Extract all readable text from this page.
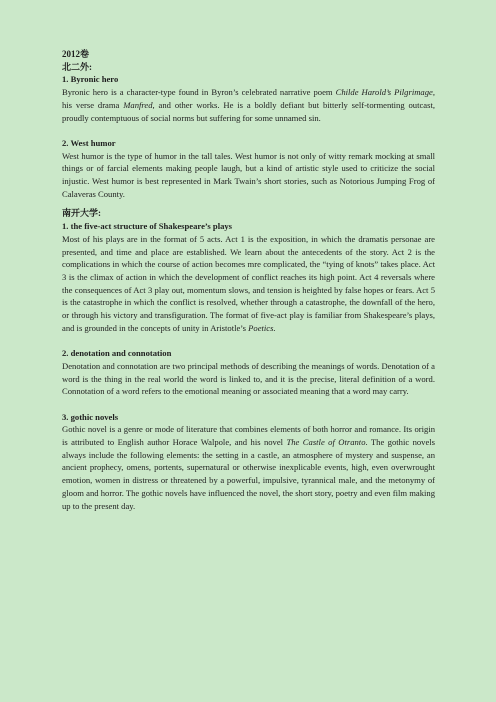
2012卷

北二外:

1. Byronic hero

Byronic hero is a character-type found in Byron’s celebrated narrative poem Childe Harold’s Pilgrimage, his verse drama Manfred, and other works. He is a boldly defiant but bitterly self-tormenting outcast, proudly contemptuous of social norms but suffering for some unnamed sin.

2. West humor

West humor is the type of humor in the tall tales. West humor is not only of witty remark mocking at small things or of farcial elements making people laugh, but a kind of artistic style used to criticize the social injustic. West humor is best represented in Mark Twain’s short stories, such as Notorious Jumping Frog of Calaveras County.

南开大学:

1. the five-act structure of Shakespeare’s plays

Most of his plays are in the format of 5 acts. Act 1 is the exposition, in which the dramatis personae are presented, and time and place are established. We learn about the antecedents of the story. Act 2 is the complications in which the course of action becomes mre complicated, the “tying of knots” takes place. Act 3 is the climax of action in which the development of conflict reaches its high point. Act 4 reversals where the consequences of Act 3 play out, momentum slows, and tension is heighted by false hopes or fears. Act 5 is the catastrophe in which the conflict is resolved, whether through a catastrophe, the downfall of the hero, or through his victory and transfiguration. The format of five-act play is familiar from Shakespeare’s plays, and is grounded in the concepts of unity in Aristotle’s Poetics.

2. denotation and connotation

Denotation and connotation are two principal methods of describing the meanings of words. Denotation of a word is the thing in the real world the word is linked to, and it is the precise, literal definition of a word. Connotation of a word refers to the emotional meaning or associated meaning that a word may carry.

3. gothic novels

Gothic novel is a genre or mode of literature that combines elements of both horror and romance. Its origin is attributed to English author Horace Walpole, and his novel The Castle of Otranto. The gothic novels always include the following elements: the setting in a castle, an atmosphere of mystery and suspense, an ancient prophecy, omens, portents, supernatural or otherwise inexplicable events, high, even overwrought emotion, women in distress or threatened by a powerful, impulsive, tyrannical male, and the metonymy of gloom and horror. The gothic novels have influenced the novel, the short story, poetry and even film making up to the present day.
